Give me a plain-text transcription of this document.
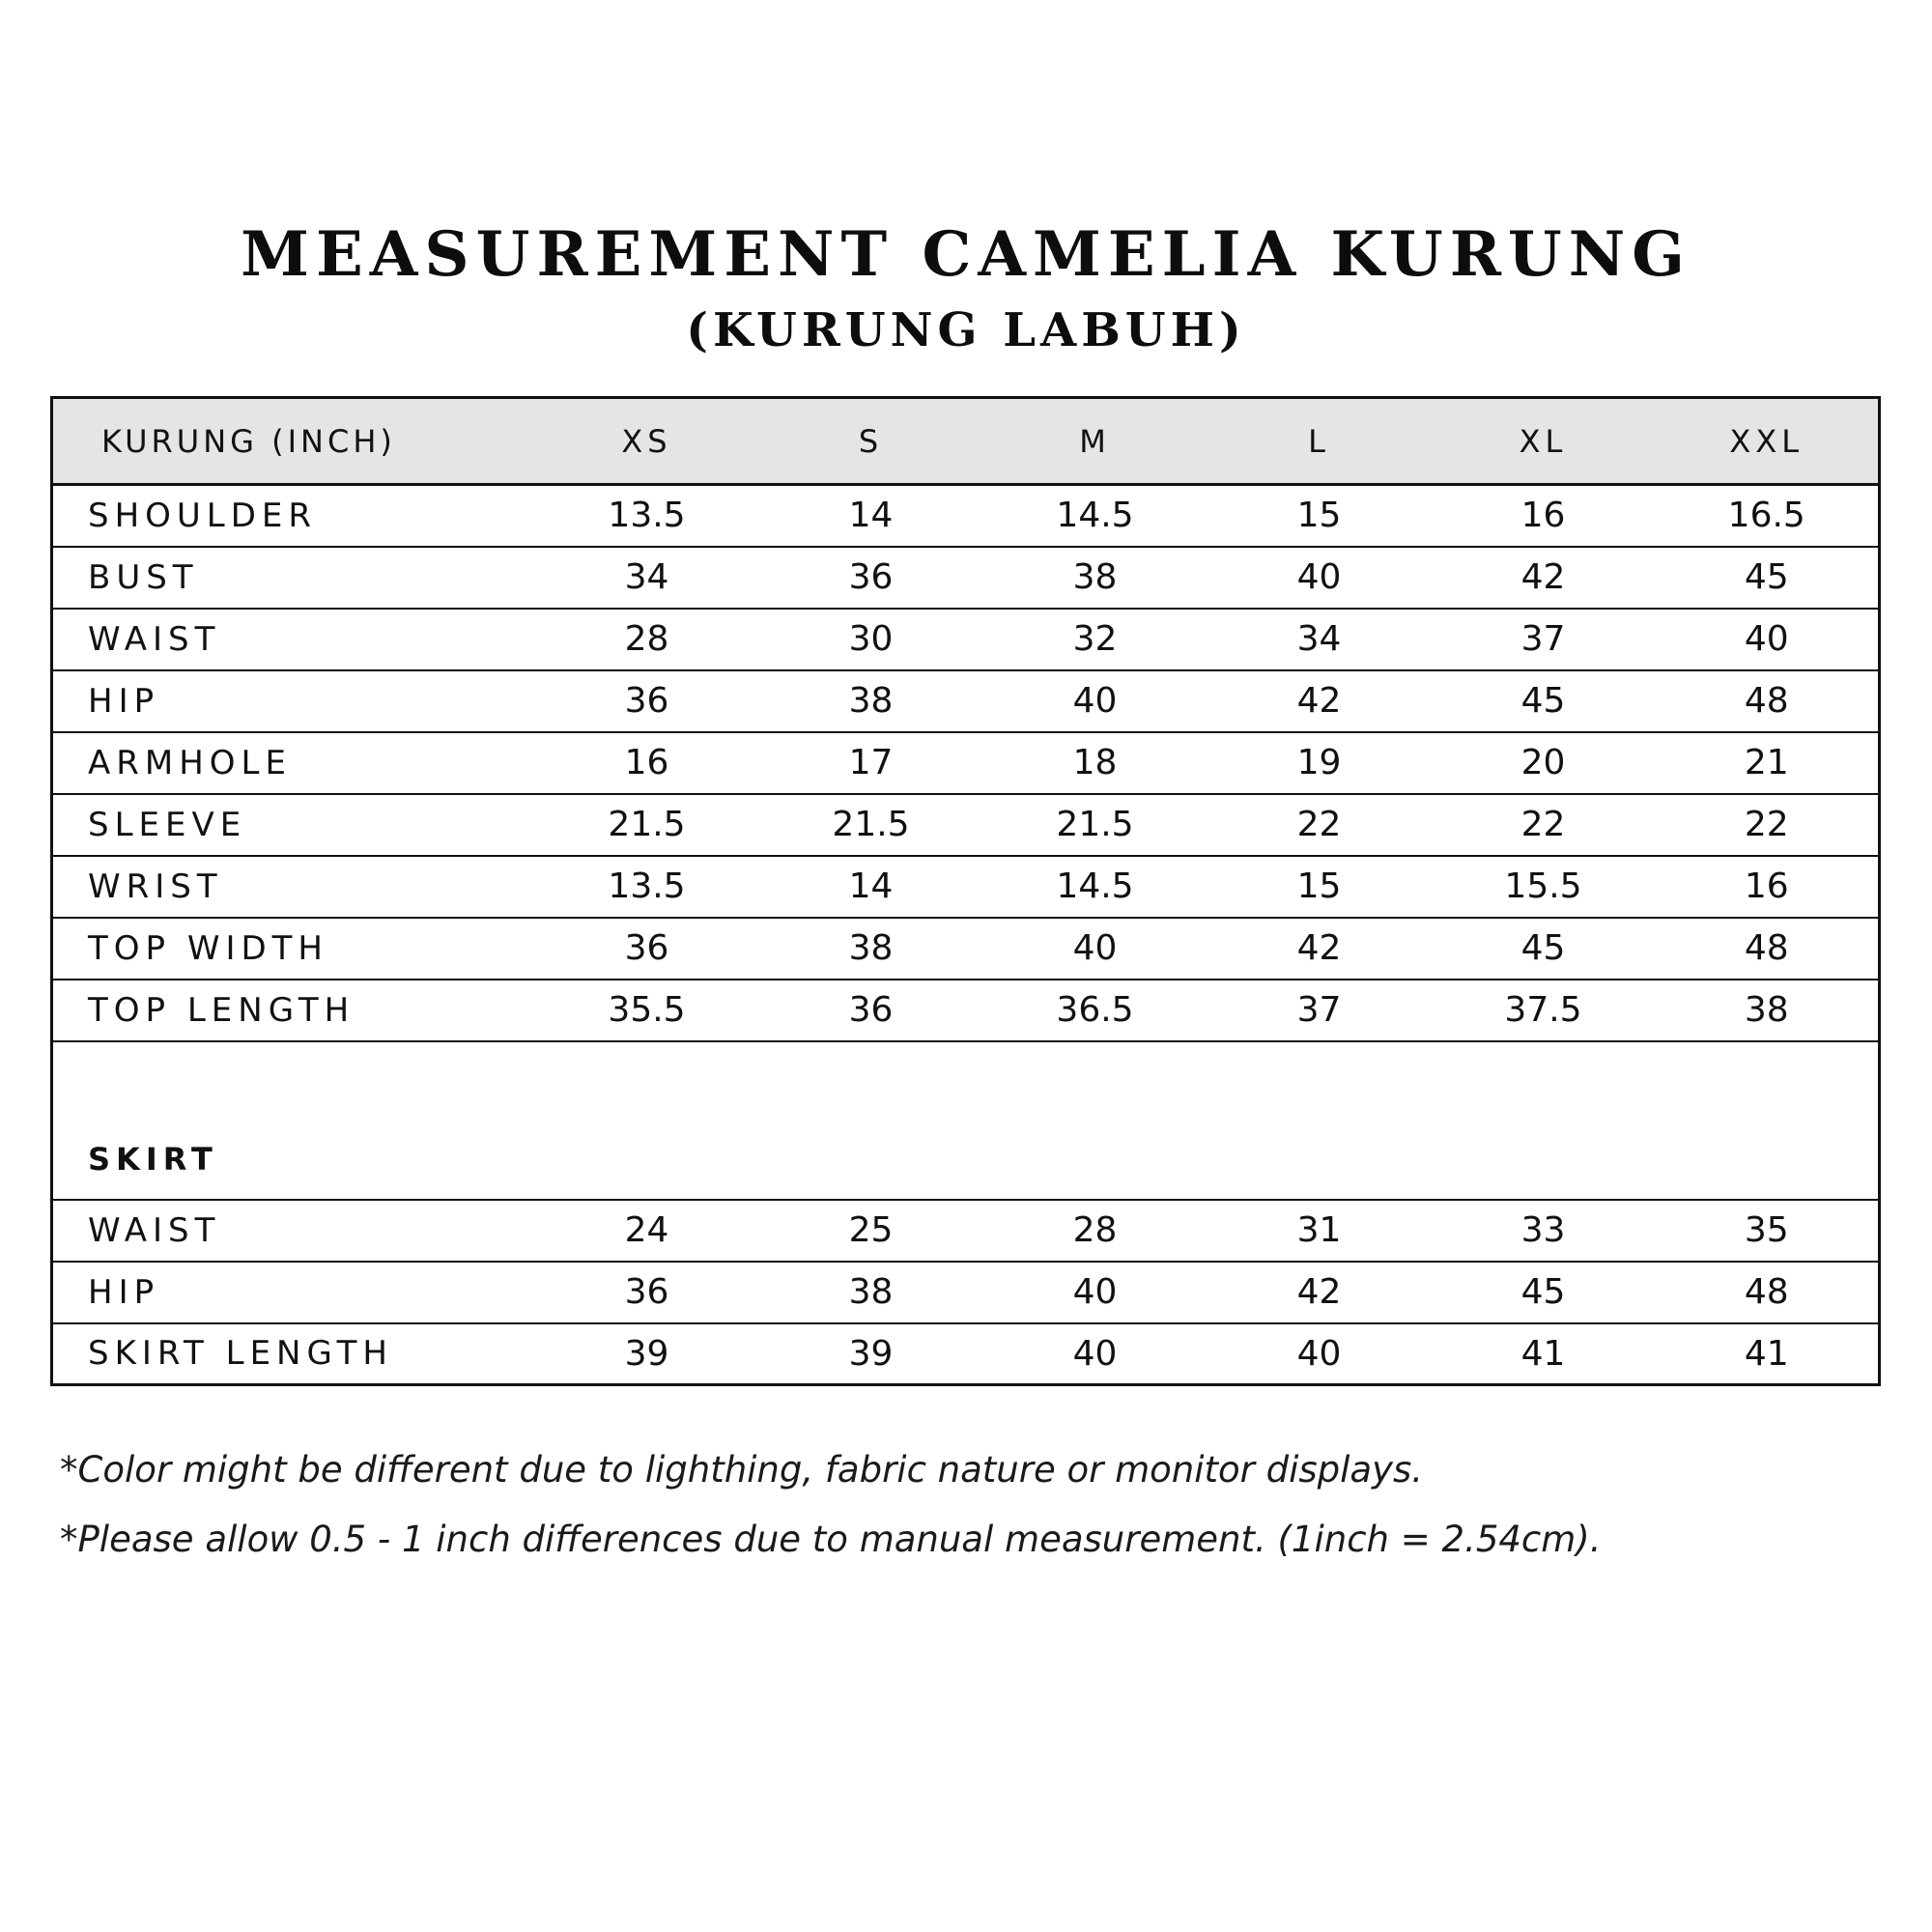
MEASUREMENT CAMELIA KURUNG
(KURUNG LABUH)
KURUNG (INCH)	XS	S	M	L	XL	XXL
SHOULDER	13.5	14	14.5	15	16	16.5
BUST	34	36	38	40	42	45
WAIST	28	30	32	34	37	40
HIP	36	38	40	42	45	48
ARMHOLE	16	17	18	19	20	21
SLEEVE	21.5	21.5	21.5	22	22	22
WRIST	13.5	14	14.5	15	15.5	16
TOP WIDTH	36	38	40	42	45	48
TOP LENGTH	35.5	36	36.5	37	37.5	38
SKIRT						
WAIST	24	25	28	31	33	35
HIP	36	38	40	42	45	48
SKIRT LENGTH	39	39	40	40	41	41

*Color might be different due to lighthing, fabric nature or monitor displays.

*Please allow 0.5 - 1 inch differences due to manual measurement. (1inch = 2.54cm).
